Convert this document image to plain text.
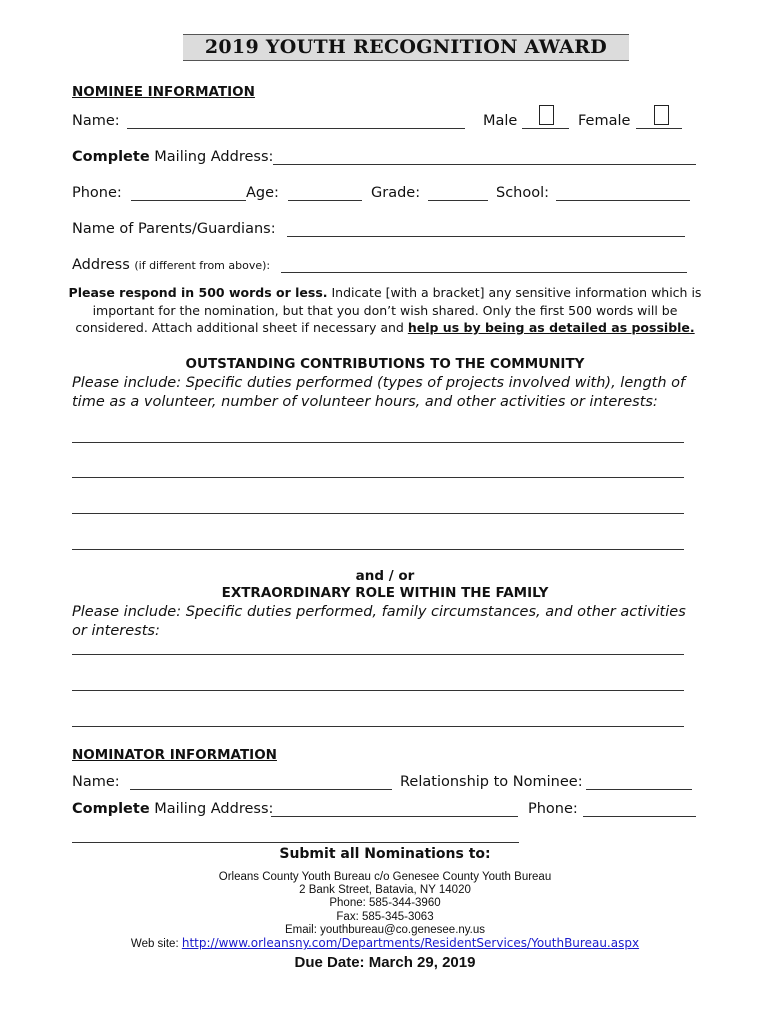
2019 YOUTH RECOGNITION AWARD
NOMINEE INFORMATION
Name:	Male	Female
Complete Mailing Address:
Phone:	Age:	Grade:	School:
Name of Parents/Guardians:
Address (if different from above):
Please respond in 500 words or less. Indicate [with a bracket] any sensitive information which is
important for the nomination, but that you don’t wish shared. Only the first 500 words will be
considered. Attach additional sheet if necessary and help us by being as detailed as possible.
OUTSTANDING CONTRIBUTIONS TO THE COMMUNITY
Please include: Specific duties performed (types of projects involved with), length of time as a volunteer, number of volunteer hours, and other activities or interests:
and / or
EXTRAORDINARY ROLE WITHIN THE FAMILY
Please include: Specific duties performed, family circumstances, and other activities or interests:
NOMINATOR INFORMATION
Name:	Relationship to Nominee:
Complete Mailing Address:	Phone:
Submit all Nominations to:
Orleans County Youth Bureau c/o Genesee County Youth Bureau
2 Bank Street, Batavia, NY 14020
Phone: 585-344-3960
Fax: 585-345-3063
Email: youthbureau@co.genesee.ny.us
Web site: http://www.orleansny.com/Departments/ResidentServices/YouthBureau.aspx
Due Date: March 29, 2019
